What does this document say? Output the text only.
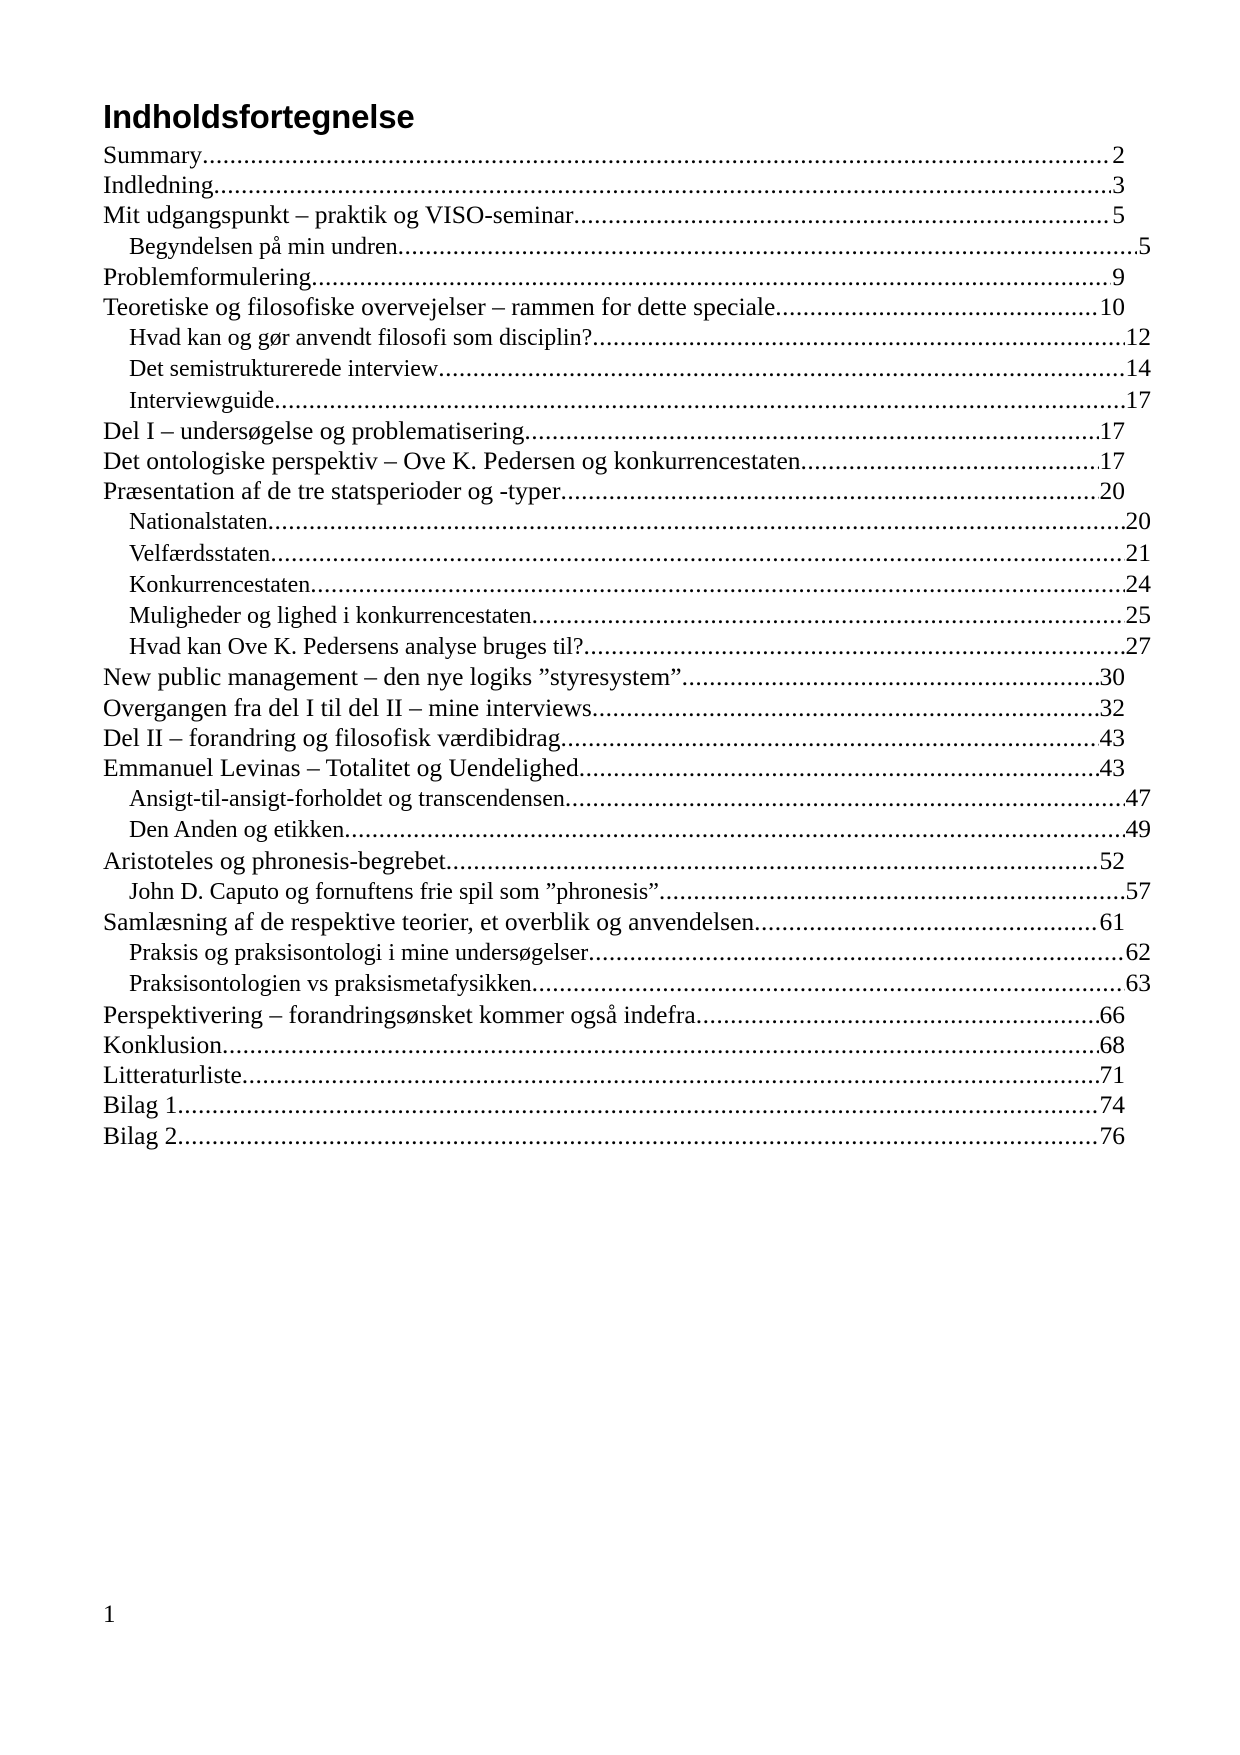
Indholdsfortegnelse
Summary .....	2
Indledning .....	3
Mit udgangspunkt – praktik og VISO-seminar .....	5
Begyndelsen på min undren .....	5
Problemformulering .....	9
Teoretiske og filosofiske overvejelser – rammen for dette speciale .....	10
Hvad kan og gør anvendt filosofi som disciplin? .....	12
Det semistrukturerede interview .....	14
Interviewguide .....	17
Del I – undersøgelse og problematisering .....	17
Det ontologiske perspektiv – Ove K. Pedersen og konkurrencestaten .....	17
Præsentation af de tre statsperioder og -typer .....	20
Nationalstaten .....	20
Velfærdsstaten .....	21
Konkurrencestaten .....	24
Muligheder og lighed i konkurrencestaten .....	25
Hvad kan Ove K. Pedersens analyse bruges til? .....	27
New public management – den nye logiks ”styresystem” .....	30
Overgangen fra del I til del II – mine interviews .....	32
Del II – forandring og filosofisk værdibidrag .....	43
Emmanuel Levinas – Totalitet og Uendelighed .....	43
Ansigt-til-ansigt-forholdet og transcendensen .....	47
Den Anden og etikken .....	49
Aristoteles og phronesis-begrebet .....	52
John D. Caputo og fornuftens frie spil som ”phronesis” .....	57
Samlæsning af de respektive teorier, et overblik og anvendelsen .....	61
Praksis og praksisontologi i mine undersøgelser .....	62
Praksisontologien vs praksismetafysikken .....	63
Perspektivering – forandringsønsket kommer også indefra .....	66
Konklusion .....	68
Litteraturliste .....	71
Bilag 1 .....	74
Bilag 2 .....	76
1
